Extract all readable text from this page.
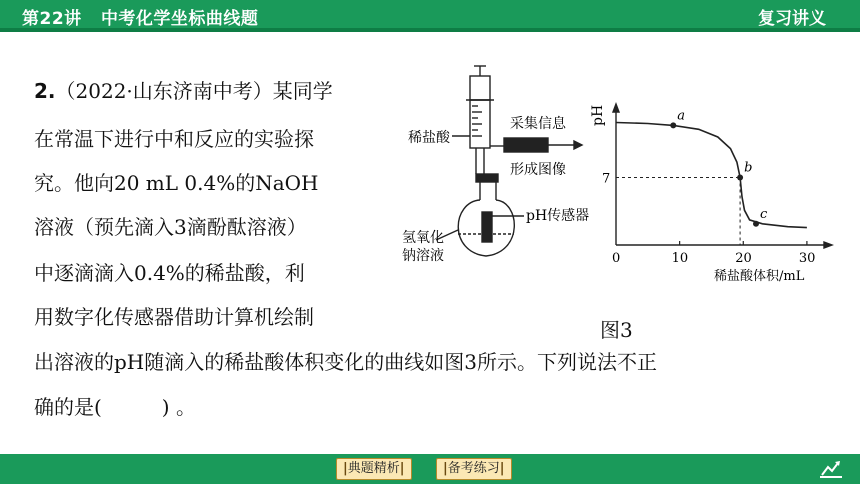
第22讲 中考化学坐标曲线题	复习讲义
2.（2022·山东济南中考）某同学
在常温下进行中和反应的实验探
究。他向20 mL 0.4%的NaOH
溶液（预先滴入3滴酚酞溶液）
中逐滴滴入0.4%的稀盐酸，利
用数字化传感器借助计算机绘制
出溶液的pH随滴入的稀盐酸体积变化的曲线如图3所示。下列说法不正
确的是(　　　) 。
稀盐酸
采集信息
形成图像
氢氧化
钠溶液
pH传感器
pH
稀盐酸体积/mL
0	10	20	30
7
a
b
c
图3
| 典题精析 |
|	备考练习 |
